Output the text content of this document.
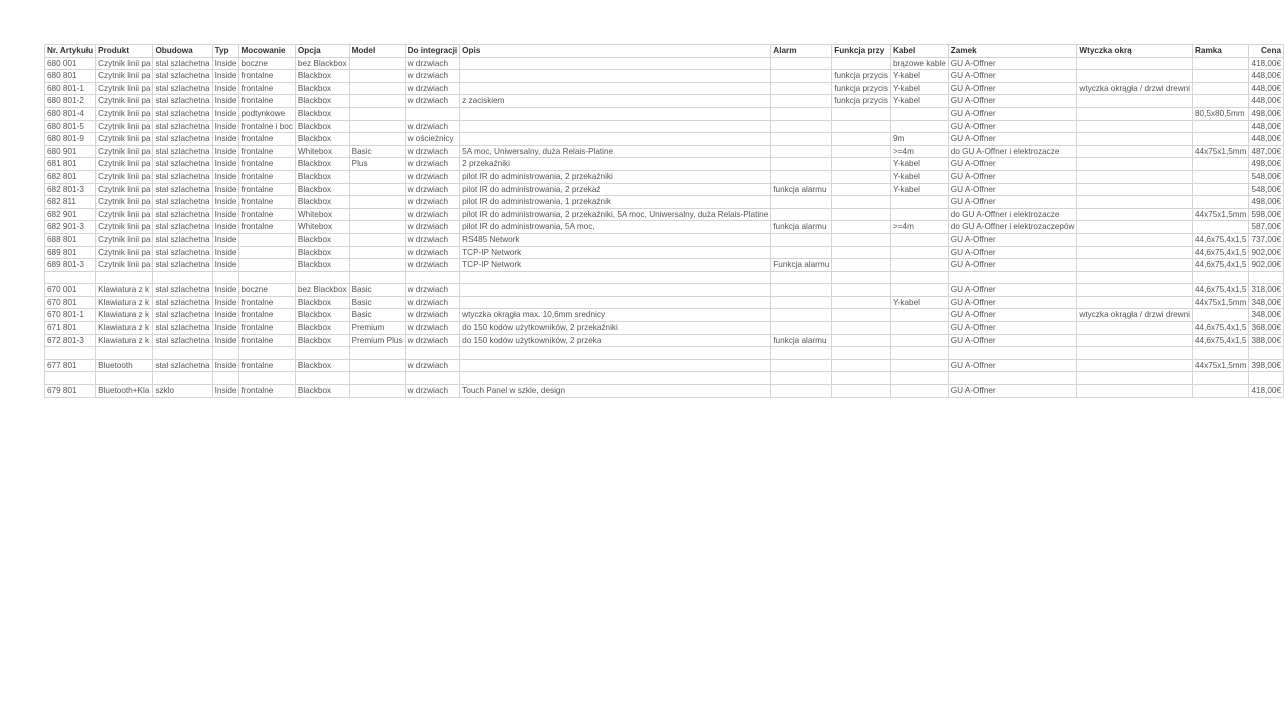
Nr. Artykułu	Produkt	Obudowa	Typ	Mocowanie	Opcja	Model	Do integracji	Opis	Alarm	Funkcja przy	Kabel	Zamek	Wtyczka okrą	Ramka	Cena
680 001	Czytnik linii pa	stal szlachetna	Inside	boczne	bez Blackbox		w drzwiach				brązowe kable	GU A-Offner			418,00€
680 801	Czytnik linii pa	stal szlachetna	Inside	frontalne	Blackbox		w drzwiach			funkcja przycis	Y-kabel	GU A-Offner			448,00€
680 801-1	Czytnik linii pa	stal szlachetna	Inside	frontalne	Blackbox		w drzwiach			funkcja przycis	Y-kabel	GU A-Offner	wtyczka okrągła / drzwi drewni		448,00€
680 801-2	Czytnik linii pa	stal szlachetna	Inside	frontalne	Blackbox		w drzwiach	z zaciskiem		funkcja przycis	Y-kabel	GU A-Offner			448,00€
680 801-4	Czytnik linii pa	stal szlachetna	Inside	podtynkowe	Blackbox							GU A-Offner		80,5x80,5mm	498,00€
680 801-5	Czytnik linii pa	stal szlachetna	Inside	frontalne i boc	Blackbox		w drzwiach					GU A-Offner			448,00€
680 801-9	Czytnik linii pa	stal szlachetna	Inside	frontalne	Blackbox		w ościeżnicy				9m	GU A-Offner			448,00€
680 901	Czytnik linii pa	stal szlachetna	Inside	frontalne	Whitebox	Basic	w drzwiach	5A moc, Uniwersalny, duża Relais-Platine			>=4m	do GU A-Offner i elektrozacze		44x75x1,5mm	487,00€
681 801	Czytnik linii pa	stal szlachetna	Inside	frontalne	Blackbox	Plus	w drzwiach	2 przekaźniki			Y-kabel	GU A-Offner			498,00€
682 801	Czytnik linii pa	stal szlachetna	Inside	frontalne	Blackbox		w drzwiach	pilot IR do administrowania, 2 przekaźniki			Y-kabel	GU A-Offner			548,00€
682 801-3	Czytnik linii pa	stal szlachetna	Inside	frontalne	Blackbox		w drzwiach	pilot IR do administrowania, 2 przekaź	funkcja alarmu		Y-kabel	GU A-Offner			548,00€
682 811	Czytnik linii pa	stal szlachetna	Inside	frontalne	Blackbox		w drzwiach	pilot IR do administrowania, 1 przekaźnik				GU A-Offner			498,00€
682 901	Czytnik linii pa	stal szlachetna	Inside	frontalne	Whitebox		w drzwiach	pilot IR do administrowania, 2 przekaźniki, 5A moc, Uniwersalny, duża Relais-Platine				do GU A-Offner i elektrozacze		44x75x1,5mm	598,00€
682 901-3	Czytnik linii pa	stal szlachetna	Inside	frontalne	Whitebox		w drzwiach	pilot IR do administrowania, 5A moc,	funkcja alarmu		>=4m	do GU A-Offner i elektrozaczepów			587,00€
688 801	Czytnik linii pa	stal szlachetna	Inside		Blackbox		w drzwiach	RS485 Network				GU A-Offner		44,6x75,4x1,5	737,00€
689 801	Czytnik linii pa	stal szlachetna	Inside		Blackbox		w drzwiach	TCP-IP Network				GU A-Offner		44,6x75,4x1,5	902,00€
689 801-3	Czytnik linii pa	stal szlachetna	Inside		Blackbox		w drzwiach	TCP-IP Network	Funkcja alarmu			GU A-Offner		44,6x75,4x1,5	902,00€

670 001	Klawiatura z k	stal szlachetna	Inside	boczne	bez Blackbox	Basic	w drzwiach					GU A-Offner		44,6x75,4x1,5	318,00€
670 801	Klawiatura z k	stal szlachetna	Inside	frontalne	Blackbox	Basic	w drzwiach				Y-kabel	GU A-Offner		44x75x1,5mm	348,00€
670 801-1	Klawiatura z k	stal szlachetna	Inside	frontalne	Blackbox	Basic	w drzwiach	wtyczka okrągła max. 10,6mm srednicy				GU A-Offner	wtyczka okrągła / drzwi drewni		348,00€
671 801	Klawiatura z k	stal szlachetna	Inside	frontalne	Blackbox	Premium	w drzwiach	do 150 kodów użytkowników, 2 przekaźniki				GU A-Offner		44,6x75,4x1,5	368,00€
672 801-3	Klawiatura z k	stal szlachetna	Inside	frontalne	Blackbox	Premium Plus	w drzwiach	do 150 kodów użytkowników, 2 przeka	funkcja alarmu			GU A-Offner		44,6x75,4x1,5	388,00€

677 801	Bluetooth	stal szlachetna	Inside	frontalne	Blackbox		w drzwiach					GU A-Offner		44x75x1,5mm	398,00€

679 801	Bluetooth+Kla	szklo	Inside	frontalne	Blackbox		w drzwiach	Touch Panel w szkle, design				GU A-Offner			418,00€
